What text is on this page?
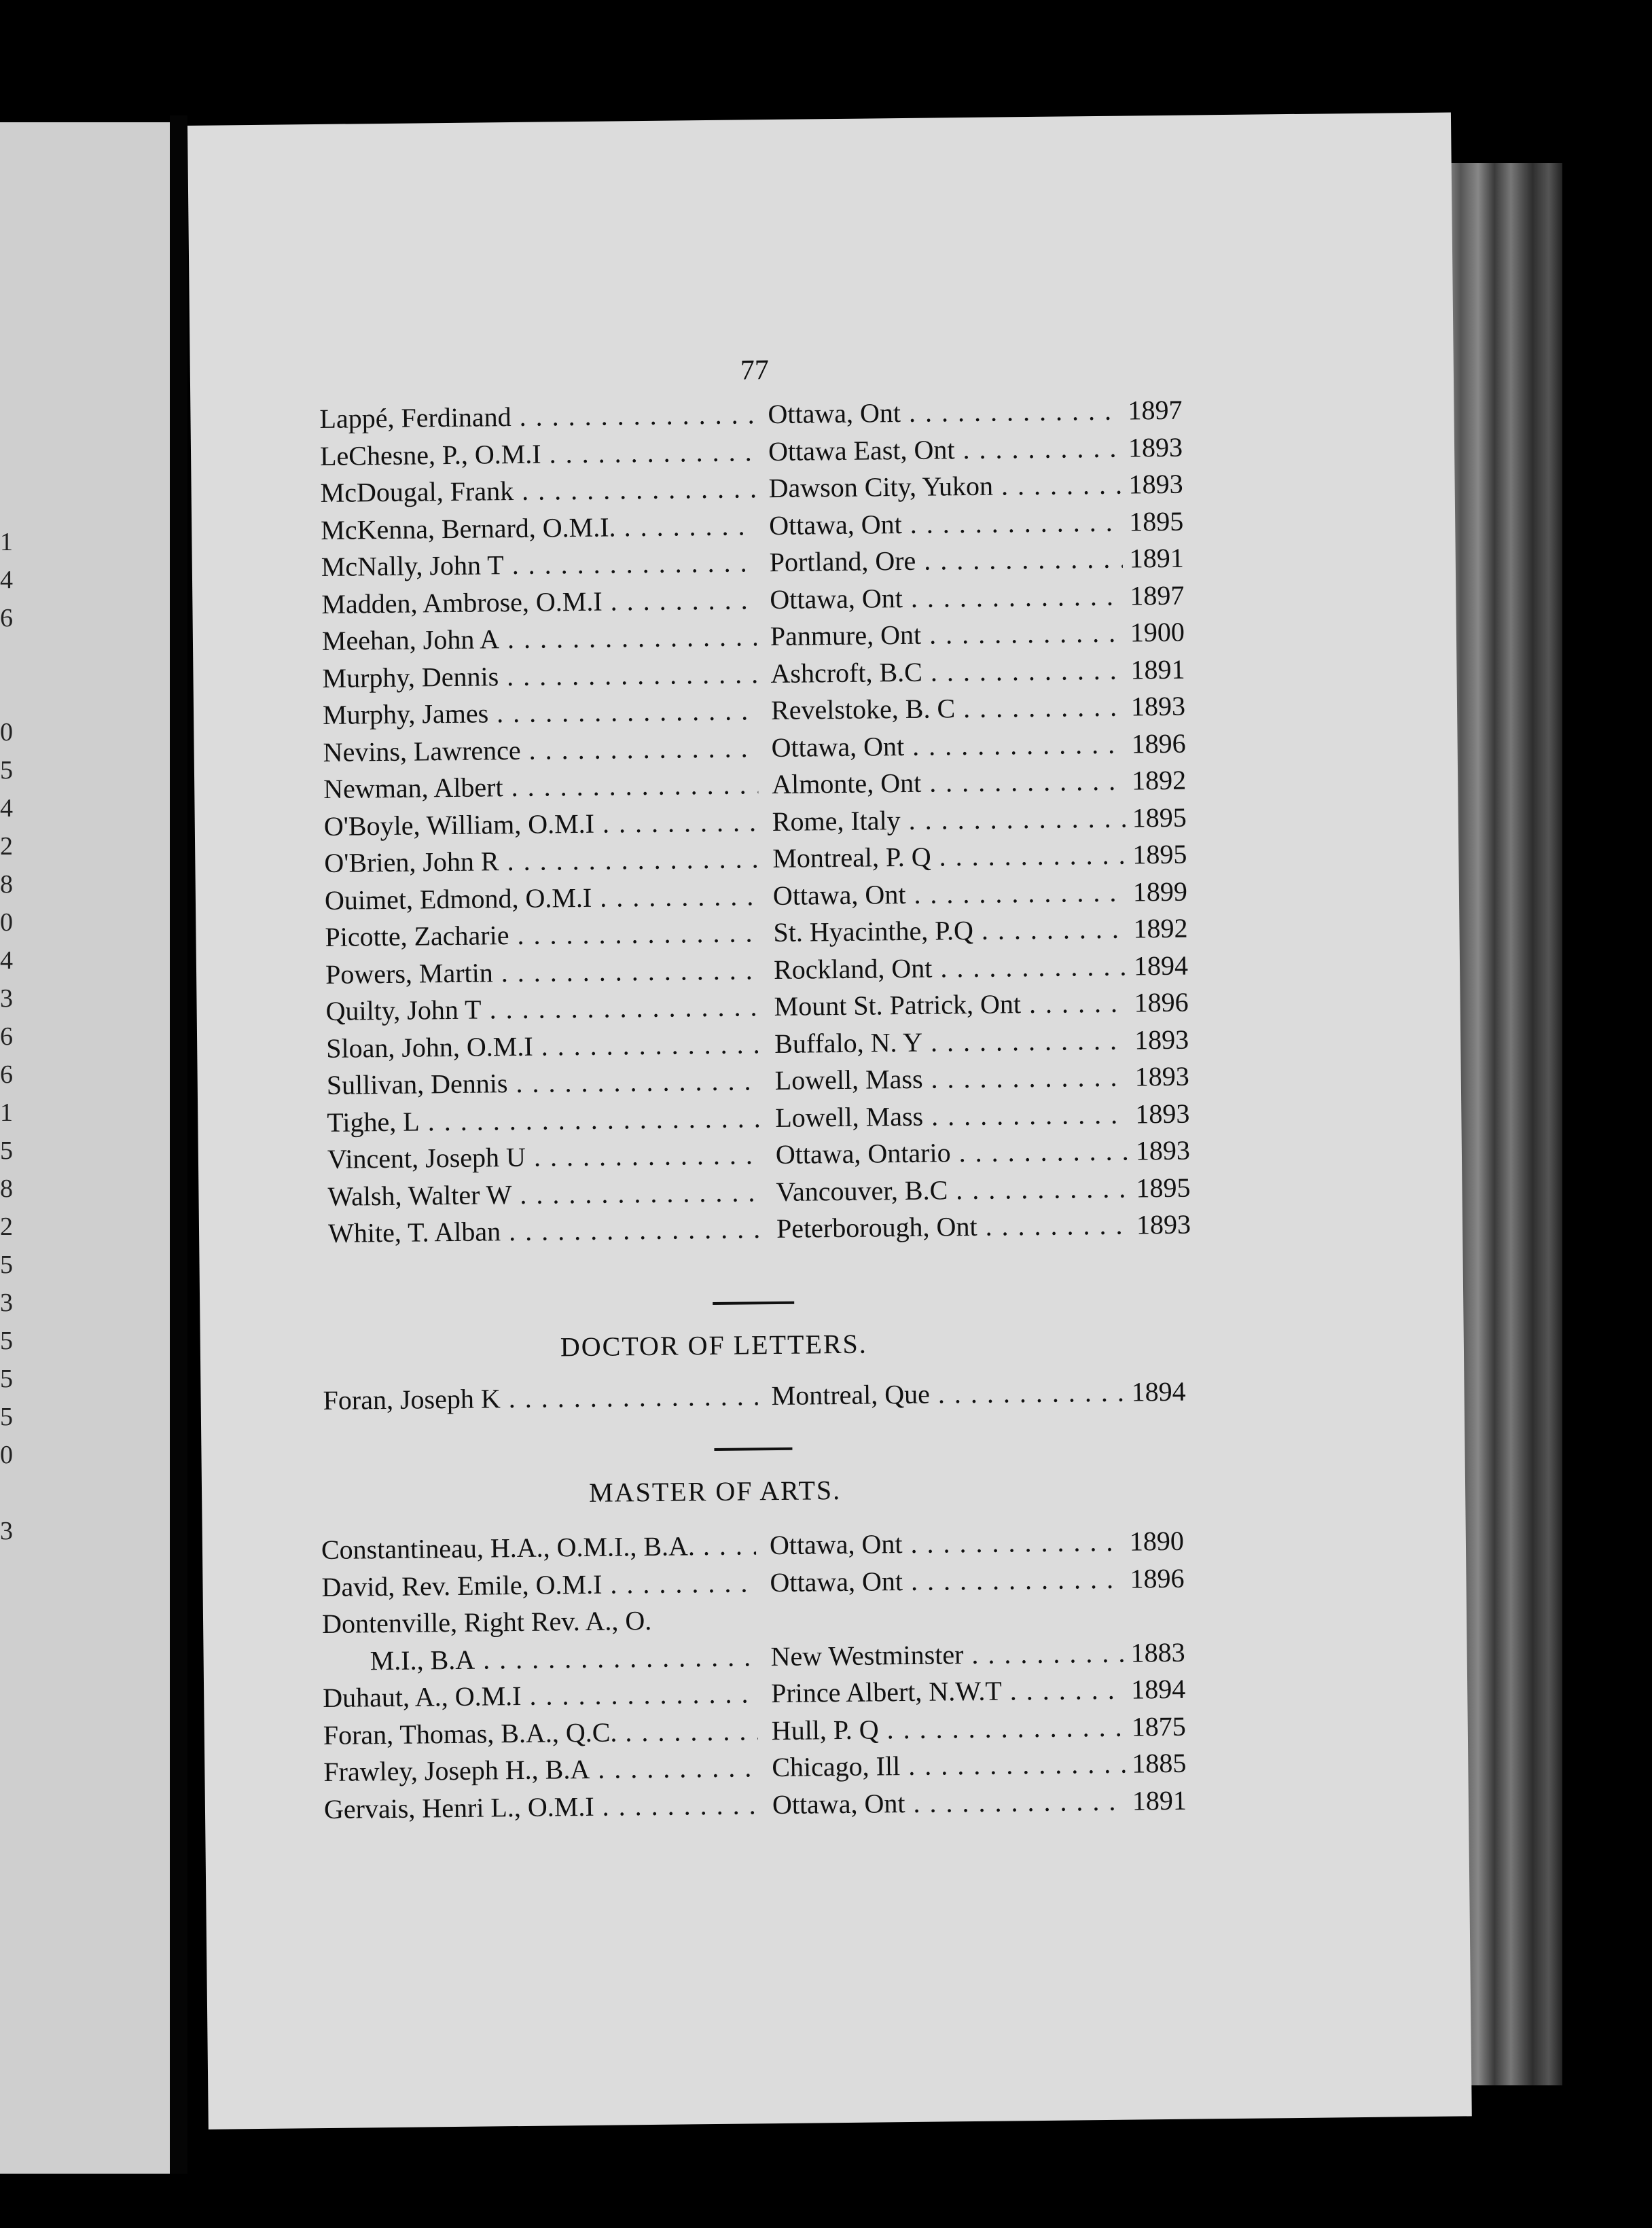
1
4
6
0
5
4
2
8
0
4
3
6
6
1
5
8
2
5
3
5
5
5
0
3
77
Lappé, Ferdinand . . .	Ottawa, Ont . . .	1897
LeChesne, P., O.M.I . . .	Ottawa East, Ont . . .	1893
McDougal, Frank . . .	Dawson City, Yukon . . .	1893
McKenna, Bernard, O.M.I. . . .	Ottawa, Ont . . .	1895
McNally, John T . . .	Portland, Ore . . .	1891
Madden, Ambrose, O.M.I . . .	Ottawa, Ont . . .	1897
Meehan, John A . . .	Panmure, Ont . . .	1900
Murphy, Dennis . . .	Ashcroft, B.C . . .	1891
Murphy, James . . .	Revelstoke, B. C . . .	1893
Nevins, Lawrence . . .	Ottawa, Ont . . .	1896
Newman, Albert . . .	Almonte, Ont . . .	1892
O'Boyle, William, O.M.I . . .	Rome, Italy . . .	1895
O'Brien, John R . . .	Montreal, P. Q . . .	1895
Ouimet, Edmond, O.M.I . . .	Ottawa, Ont . . .	1899
Picotte, Zacharie . . .	St. Hyacinthe, P.Q . . .	1892
Powers, Martin . . .	Rockland, Ont . . .	1894
Quilty, John T . . .	Mount St. Patrick, Ont . . .	1896
Sloan, John, O.M.I . . .	Buffalo, N. Y . . .	1893
Sullivan, Dennis . . .	Lowell, Mass . . .	1893
Tighe, L . . .	Lowell, Mass . . .	1893
Vincent, Joseph U . . .	Ottawa, Ontario . . .	1893
Walsh, Walter W . . .	Vancouver, B.C . . .	1895
White, T. Alban . . .	Peterborough, Ont . . .	1893
DOCTOR OF LETTERS.
Foran, Joseph K . . .	Montreal, Que . . .	1894
MASTER OF ARTS.
Constantineau, H.A., O.M.I., B.A. . . .	Ottawa, Ont . . .	1890
David, Rev. Emile, O.M.I . . .	Ottawa, Ont . . .	1896
Dontenville, Right Rev. A., O.
M.I., B.A . . .	New Westminster . . .	1883
Duhaut, A., O.M.I . . .	Prince Albert, N.W.T . . .	1894
Foran, Thomas, B.A., Q.C. . . .	Hull, P. Q . . .	1875
Frawley, Joseph H., B.A . . .	Chicago, Ill . . .	1885
Gervais, Henri L., O.M.I . . .	Ottawa, Ont . . .	1891
